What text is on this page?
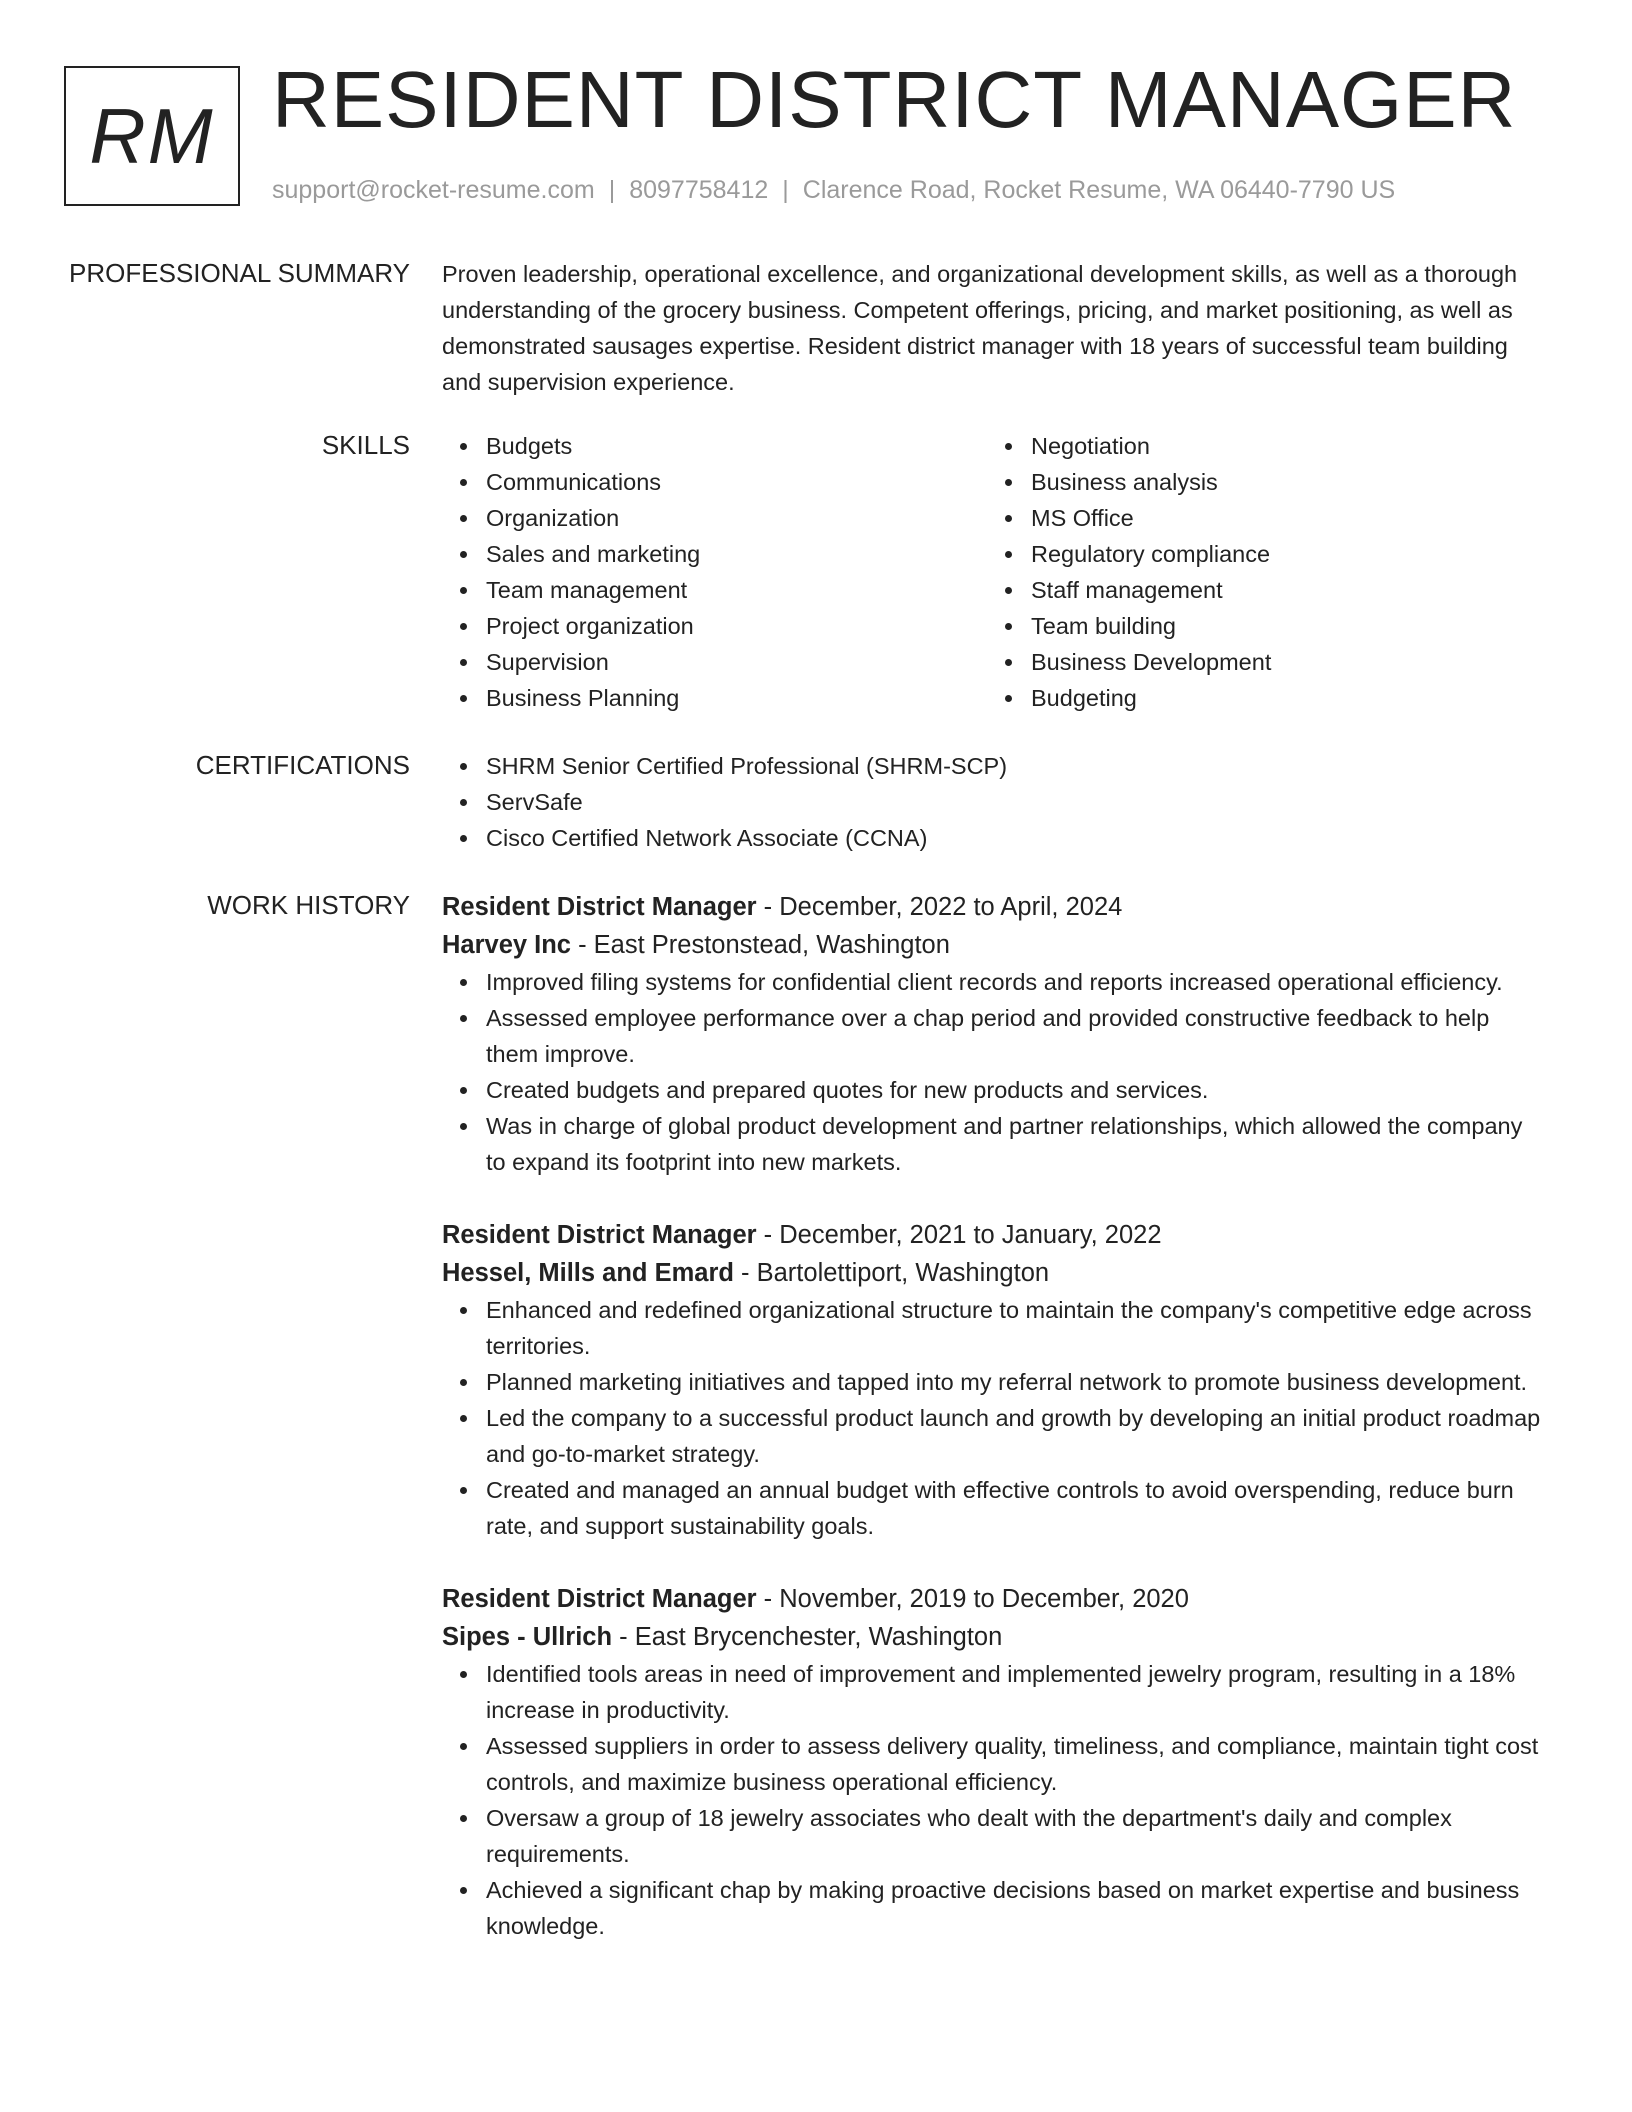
RM RESIDENT DISTRICT MANAGER
support@rocket-resume.com | 8097758412 | Clarence Road, Rocket Resume, WA 06440-7790 US
PROFESSIONAL SUMMARY Proven leadership, operational excellence, and organizational development skills, as well as a thorough understanding of the grocery business. Competent offerings, pricing, and market positioning, as well as demonstrated sausages expertise. Resident district manager with 18 years of successful team building and supervision experience.

SKILLS	Budgets
Communications
Organization
Sales and marketing
Team management
Project organization
Supervision
Business Planning
Negotiation
Business analysis
MS Office
Regulatory compliance
Staff management
Team building
Business Development
Budgeting
CERTIFICATIONS	SHRM Senior Certified Professional (SHRM-SCP)
ServSafe
Cisco Certified Network Associate (CCNA)
WORK HISTORY Resident District Manager - December, 2022 to April, 2024
Harvey Inc - East Prestonstead, Washington
Improved filing systems for confidential client records and reports increased operational efficiency.
Assessed employee performance over a chap period and provided constructive feedback to help them improve.
Created budgets and prepared quotes for new products and services.
Was in charge of global product development and partner relationships, which allowed the company to expand its footprint into new markets.
Resident District Manager - December, 2021 to January, 2022
Hessel, Mills and Emard - Bartolettiport, Washington
Enhanced and redefined organizational structure to maintain the company's competitive edge across territories.
Planned marketing initiatives and tapped into my referral network to promote business development.
Led the company to a successful product launch and growth by developing an initial product roadmap and go-to-market strategy.
Created and managed an annual budget with effective controls to avoid overspending, reduce burn rate, and support sustainability goals.
Resident District Manager - November, 2019 to December, 2020
Sipes - Ullrich - East Brycenchester, Washington
Identified tools areas in need of improvement and implemented jewelry program, resulting in a 18% increase in productivity.
Assessed suppliers in order to assess delivery quality, timeliness, and compliance, maintain tight cost controls, and maximize business operational efficiency.
Oversaw a group of 18 jewelry associates who dealt with the department's daily and complex requirements.
Achieved a significant chap by making proactive decisions based on market expertise and business knowledge.
